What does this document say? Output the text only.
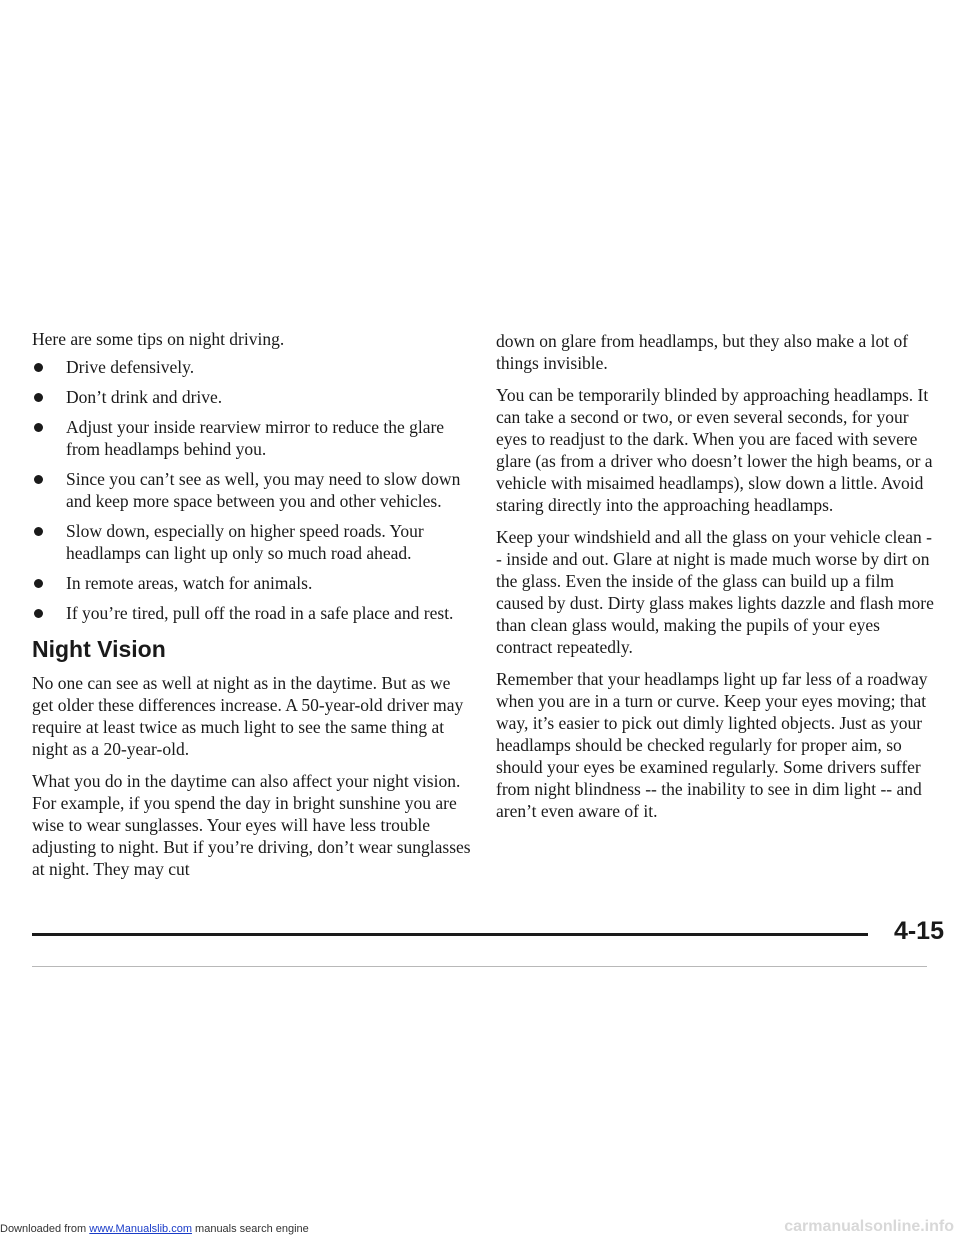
Here are some tips on night driving.

Drive defensively.
Don’t drink and drive.
Adjust your inside rearview mirror to reduce the glare from headlamps behind you.
Since you can’t see as well, you may need to slow down and keep more space between you and other vehicles.
Slow down, especially on higher speed roads. Your headlamps can light up only so much road ahead.
In remote areas, watch for animals.
If you’re tired, pull off the road in a safe place and rest.
Night Vision

No one can see as well at night as in the daytime. But as we get older these differences increase. A 50-year-old driver may require at least twice as much light to see the same thing at night as a 20-year-old.

What you do in the daytime can also affect your night vision. For example, if you spend the day in bright sunshine you are wise to wear sunglasses. Your eyes will have less trouble adjusting to night. But if you’re driving, don’t wear sunglasses at night. They may cut

down on glare from headlamps, but they also make a lot of things invisible.

You can be temporarily blinded by approaching headlamps. It can take a second or two, or even several seconds, for your eyes to readjust to the dark. When you are faced with severe glare (as from a driver who doesn’t lower the high beams, or a vehicle with misaimed headlamps), slow down a little. Avoid staring directly into the approaching headlamps.

Keep your windshield and all the glass on your vehicle clean -- inside and out. Glare at night is made much worse by dirt on the glass. Even the inside of the glass can build up a film caused by dust. Dirty glass makes lights dazzle and flash more than clean glass would, making the pupils of your eyes contract repeatedly.

Remember that your headlamps light up far less of a roadway when you are in a turn or curve. Keep your eyes moving; that way, it’s easier to pick out dimly lighted objects. Just as your headlamps should be checked regularly for proper aim, so should your eyes be examined regularly. Some drivers suffer from night blindness -- the inability to see in dim light -- and aren’t even aware of it.

4-15
Downloaded from www.Manualslib.com manuals search engine	carmanualsonline.info
